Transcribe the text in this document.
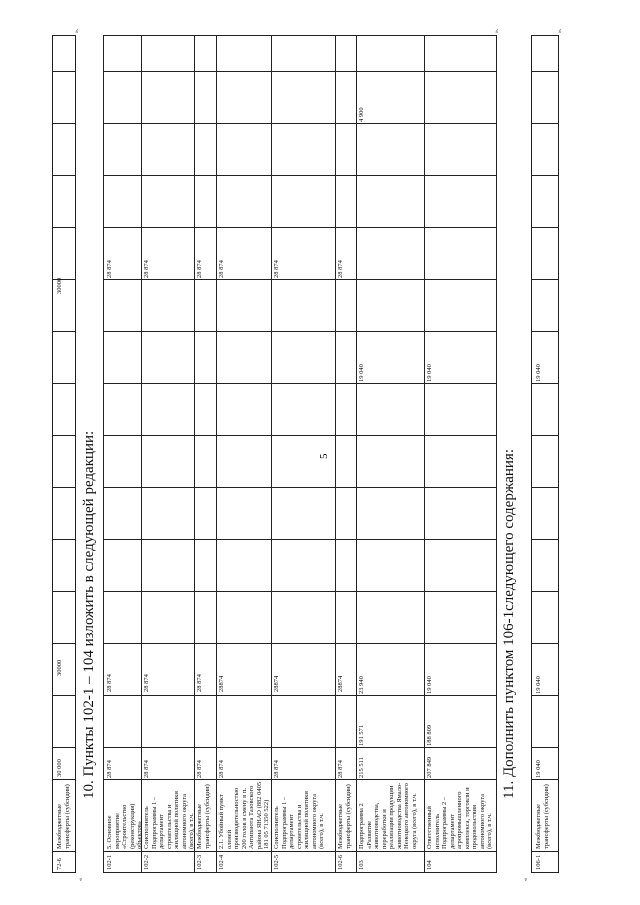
5
72-6
Межбюджетные трансферты (субсидии)
30 000
30000
30000
».
«
10. Пункты 102-1 – 104 изложить в следующей редакции:
102-1
5. Основное мероприятие «Строительство (реконструкция) объектов»
28 874
28 874
28 874
102-2
Соисполнитель Подпрограммы 1 – департамент строительства и жилищной политики автономного округа (всего), в т.ч.
28 874
28 874
28 874
102-3
Межбюджетные трансферты (субсидии)
28 874
28 874
28 874
102-4
2.1. Убойный пункт оленей производительностью 200 голов в смену в п. Антипаюта Тазовского района ЯНАО (882 0405 181 05 71350 522)
28 874
28874
28 874
102-5
Соисполнитель Подпрограммы 1 – департамент строительства и жилищной политики автономного округа (всего), в т.ч.
28 874
28874
28 874
102-6
Межбюджетные трансферты (субсидии)
28 874
28874
28 874
103
Подпрограмма 2 «Развитие животноводства, переработки и реализации продукции животноводства Ямало-Ненецкого автономного округа (всего), в т.ч.
215 511
191 571
23 940
19 040
4 900
104
Ответственный исполнитель Подпрограммы 2 – департамент агропромышленного комплекса, торговли и продовольствия автономного округа (всего), в т.ч.
207 849
188 809
19 040
19 040
».
11. Дополнить пунктом 106-1следующего содержания:
«
106-1
Межбюджетные трансферты (субсидии)
19 040
19 040
19 040
».
